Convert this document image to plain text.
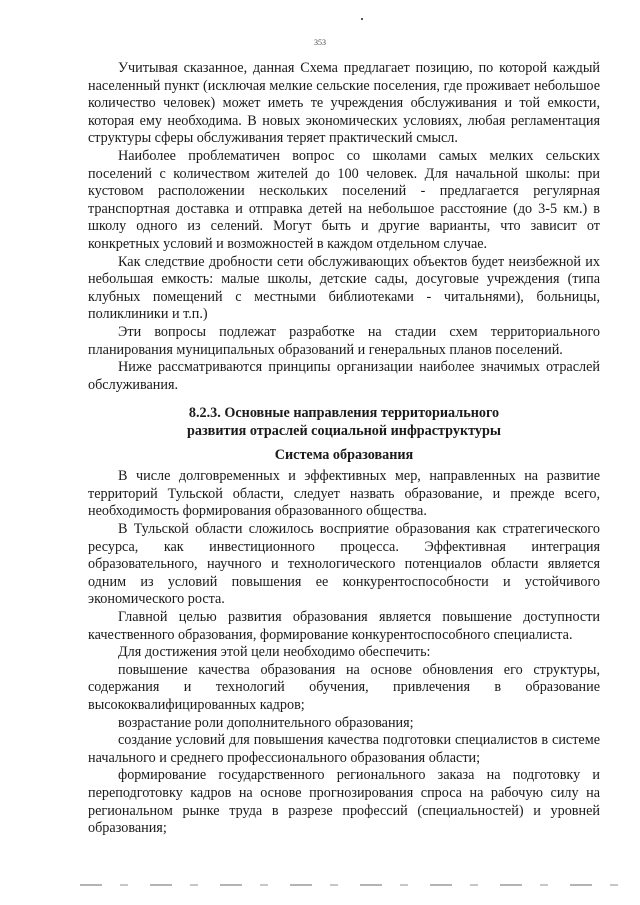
353

Учитывая сказанное, данная Схема предлагает позицию, по которой каждый населенный пункт (исключая мелкие сельские поселения, где проживает небольшое количество человек) может иметь те учреждения обслуживания и той емкости, которая ему необходима. В новых экономических условиях, любая регламентация структуры сферы обслуживания теряет практический смысл.

Наиболее проблематичен вопрос со школами самых мелких сельских поселений с количеством жителей до 100 человек. Для начальной школы: при кустовом расположении нескольких поселений - предлагается регулярная транспортная доставка и отправка детей на небольшое расстояние (до 3-5 км.) в школу одного из селений. Могут быть и другие варианты, что зависит от конкретных условий и возможностей в каждом отдельном случае.

Как следствие дробности сети обслуживающих объектов будет неизбежной их небольшая емкость: малые школы, детские сады, досуговые учреждения (типа клубных помещений с местными библиотеками - читальнями), больницы, поликлиники и т.п.)

Эти вопросы подлежат разработке на стадии схем территориального планирования муниципальных образований и генеральных планов поселений.

Ниже рассматриваются принципы организации наиболее значимых отраслей обслуживания.

8.2.3. Основные направления территориального
развития отраслей социальной инфраструктуры
Система образования

В числе долговременных и эффективных мер, направленных на развитие территорий Тульской области, следует назвать образование, и прежде всего, необходимость формирования образованного общества.

В Тульской области сложилось восприятие образования как стратегического ресурса, как инвестиционного процесса. Эффективная интеграция образовательного, научного и технологического потенциалов области является одним из условий повышения ее конкурентоспособности и устойчивого экономического роста.

Главной целью развития образования является повышение доступности качественного образования, формирование конкурентоспособного специалиста.

Для достижения этой цели необходимо обеспечить:

повышение качества образования на основе обновления его структуры, содержания и технологий обучения, привлечения в образование высококвалифицированных кадров;

возрастание роли дополнительного образования;

создание условий для повышения качества подготовки специалистов в системе начального и среднего профессионального образования области;

формирование государственного регионального заказа на подготовку и переподготовку кадров на основе прогнозирования спроса на рабочую силу на региональном рынке труда в разрезе профессий (специальностей) и уровней образования;
